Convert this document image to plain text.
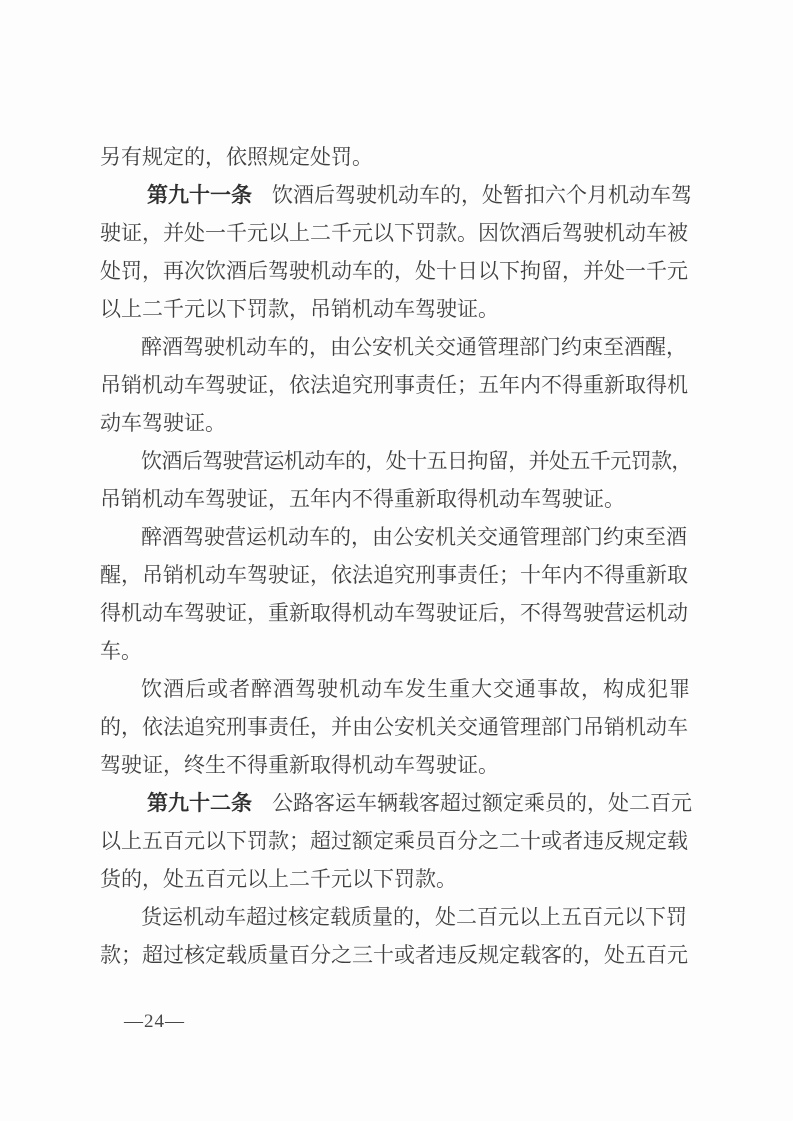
另有规定的，依照规定处罚。
第九十一条 饮酒后驾驶机动车的，处暂扣六个月机动车驾
驶证，并处一千元以上二千元以下罚款。因饮酒后驾驶机动车被
处罚，再次饮酒后驾驶机动车的，处十日以下拘留，并处一千元
以上二千元以下罚款，吊销机动车驾驶证。
醉酒驾驶机动车的，由公安机关交通管理部门约束至酒醒，
吊销机动车驾驶证，依法追究刑事责任；五年内不得重新取得机
动车驾驶证。
饮酒后驾驶营运机动车的，处十五日拘留，并处五千元罚款，
吊销机动车驾驶证，五年内不得重新取得机动车驾驶证。
醉酒驾驶营运机动车的，由公安机关交通管理部门约束至酒
醒，吊销机动车驾驶证，依法追究刑事责任；十年内不得重新取
得机动车驾驶证，重新取得机动车驾驶证后，不得驾驶营运机动
车。
饮酒后或者醉酒驾驶机动车发生重大交通事故，构成犯罪
的，依法追究刑事责任，并由公安机关交通管理部门吊销机动车
驾驶证，终生不得重新取得机动车驾驶证。
第九十二条 公路客运车辆载客超过额定乘员的，处二百元
以上五百元以下罚款；超过额定乘员百分之二十或者违反规定载
货的，处五百元以上二千元以下罚款。
货运机动车超过核定载质量的，处二百元以上五百元以下罚
款；超过核定载质量百分之三十或者违反规定载客的，处五百元
—24—
